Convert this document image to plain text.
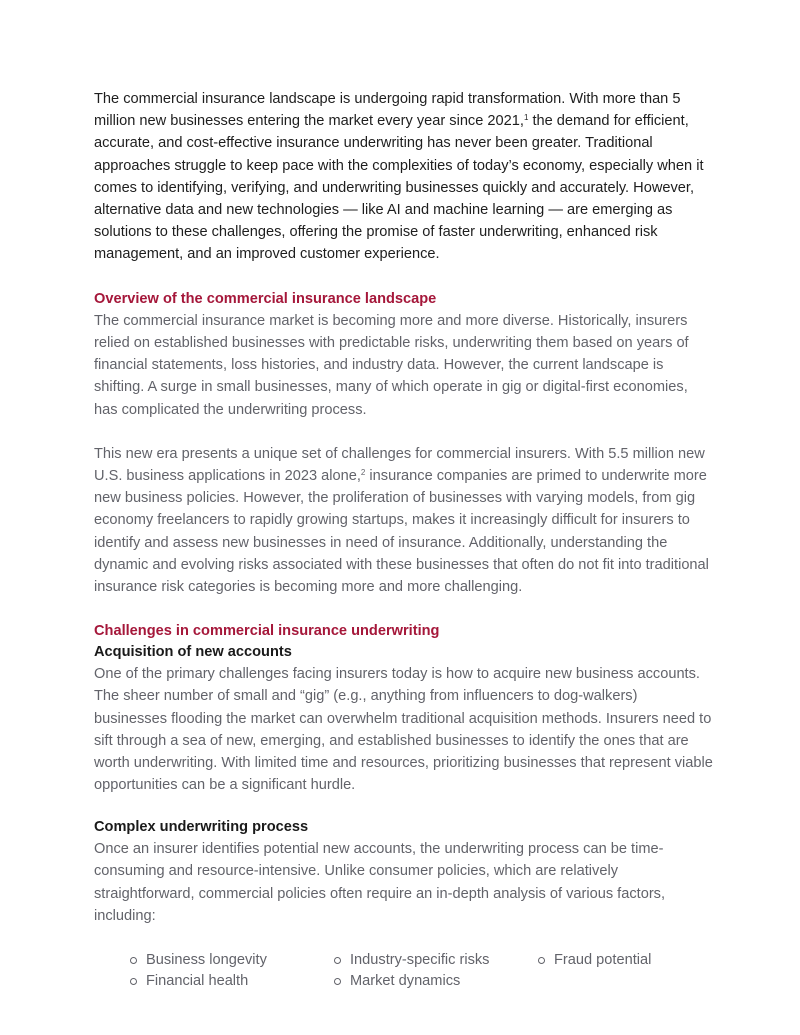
The commercial insurance landscape is undergoing rapid transformation. With more than 5 million new businesses entering the market every year since 2021,$^1$ the demand for efficient, accurate, and cost-effective insurance underwriting has never been greater. Traditional approaches struggle to keep pace with the complexities of today’s economy, especially when it comes to identifying, verifying, and underwriting businesses quickly and accurately. However, alternative data and new technologies — like AI and machine learning — are emerging as solutions to these challenges, offering the promise of faster underwriting, enhanced risk management, and an improved customer experience.

Overview of the commercial insurance landscape

The commercial insurance market is becoming more and more diverse. Historically, insurers relied on established businesses with predictable risks, underwriting them based on years of financial statements, loss histories, and industry data. However, the current landscape is shifting. A surge in small businesses, many of which operate in gig or digital-first economies, has complicated the underwriting process.

This new era presents a unique set of challenges for commercial insurers. With 5.5 million new U.S. business applications in 2023 alone,$^2$ insurance companies are primed to underwrite more new business policies. However, the proliferation of businesses with varying models, from gig economy freelancers to rapidly growing startups, makes it increasingly difficult for insurers to identify and assess new businesses in need of insurance. Additionally, understanding the dynamic and evolving risks associated with these businesses that often do not fit into traditional insurance risk categories is becoming more and more challenging.

Challenges in commercial insurance underwriting
Acquisition of new accounts

One of the primary challenges facing insurers today is how to acquire new business accounts. The sheer number of small and “gig” (e.g., anything from influencers to dog-walkers) businesses flooding the market can overwhelm traditional acquisition methods. Insurers need to sift through a sea of new, emerging, and established businesses to identify the ones that are worth underwriting. With limited time and resources, prioritizing businesses that represent viable opportunities can be a significant hurdle.

Complex underwriting process

Once an insurer identifies potential new accounts, the underwriting process can be time-consuming and resource-intensive. Unlike consumer policies, which are relatively straightforward, commercial policies often require an in-depth analysis of various factors, including:

Business longevity	Industry-specific risks	Fraud potential
Financial health	Market dynamics
